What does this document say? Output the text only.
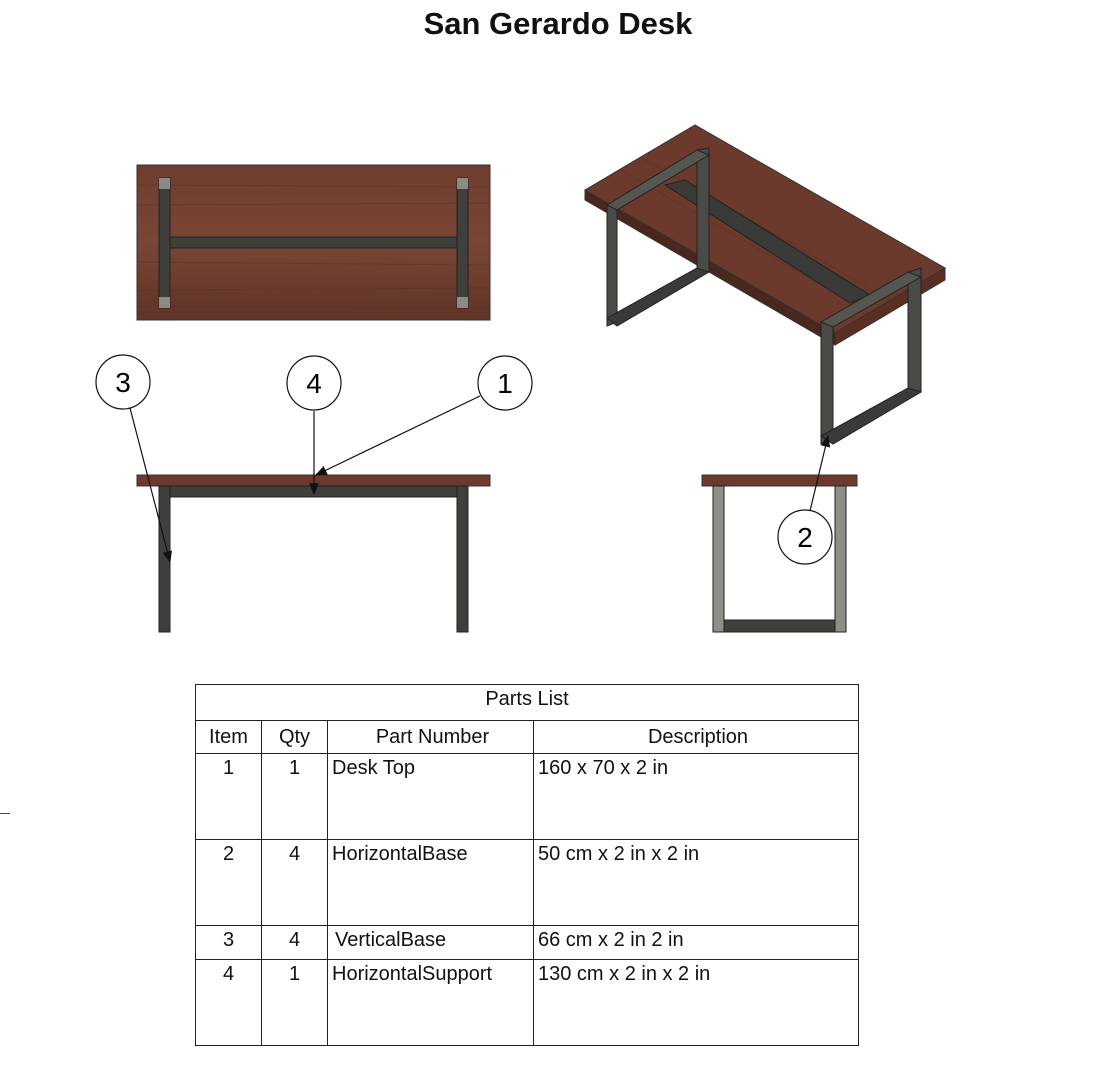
San Gerardo Desk
3	4	1
2
Parts List			
Item	Qty	Part Number	Description
1	1	Desk Top	160 x 70 x 2 in
2	4	HorizontalBase	50 cm x 2 in x 2 in
3	4	VerticalBase	66 cm x 2 in 2 in
4	1	HorizontalSupport	130 cm x 2 in x 2 in
